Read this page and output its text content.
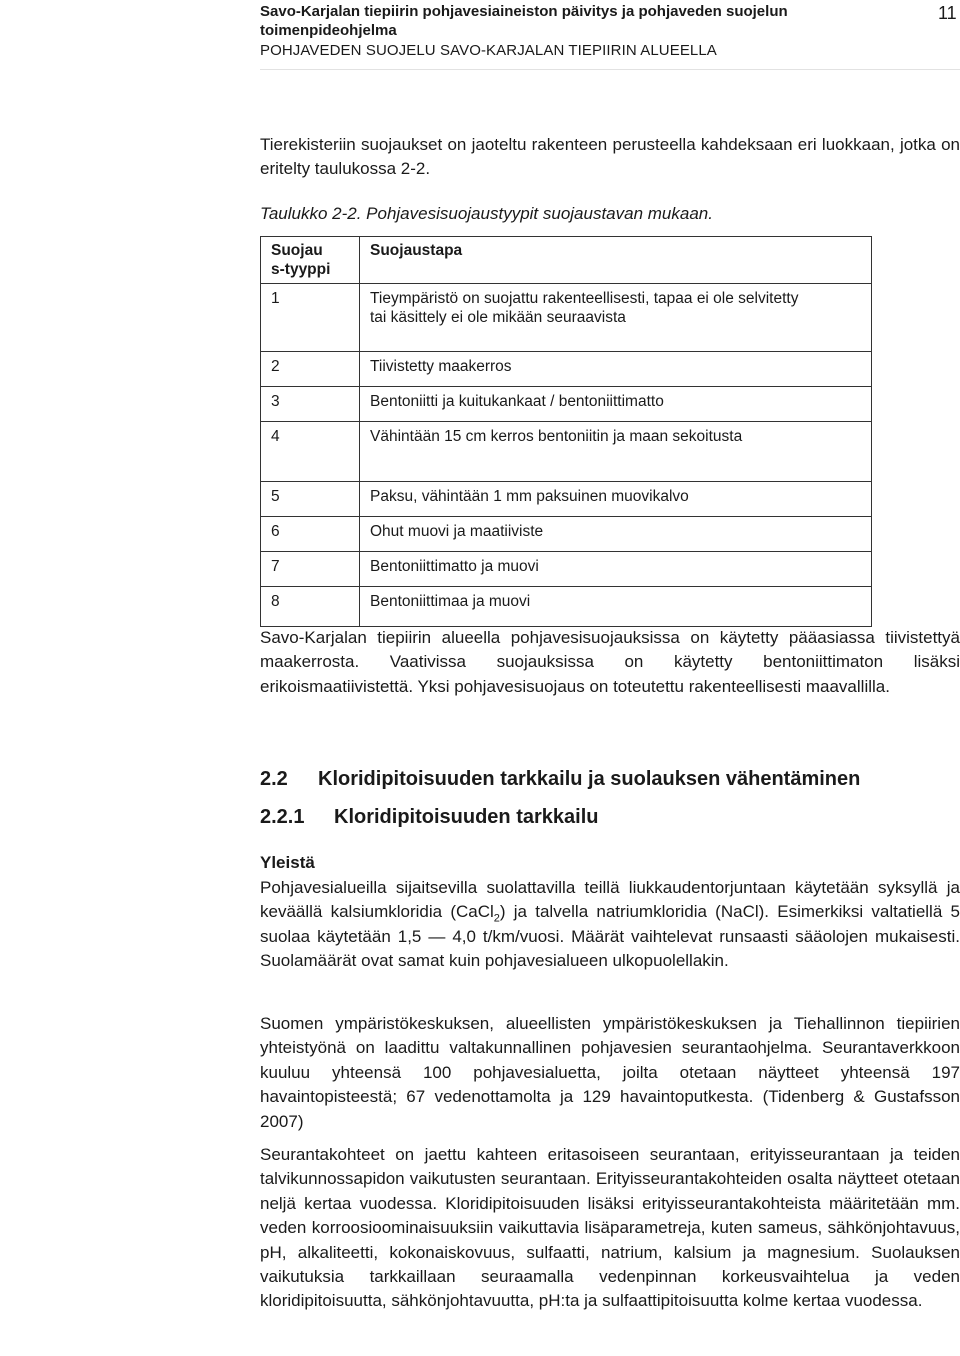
Savo-Karjalan tiepiirin pohjavesiaineiston päivitys ja pohjaveden suojelun
toimenpideohjelma
POHJAVEDEN SUOJELU SAVO-KARJALAN TIEPIIRIN ALUEELLA
11

Tierekisteriin suojaukset on jaoteltu rakenteen perusteella kahdeksaan eri luokkaan, jotka on eritelty taulukossa 2-2.

Taulukko 2-2. Pohjavesisuojaustyypit suojaustavan mukaan.
Suojaus-tyyppi	Suojaustapa
1	Tieympäristö on suojattu rakenteellisesti, tapaa ei ole selvitetty tai käsittely ei ole mikään seuraavista
2	Tiivistetty maakerros
3	Bentoniitti ja kuitukankaat / bentoniittimatto
4	Vähintään 15 cm kerros bentoniitin ja maan sekoitusta
5	Paksu, vähintään 1 mm paksuinen muovikalvo
6	Ohut muovi ja maatiiviste
7	Bentoniittimatto ja muovi
8	Bentoniittimaa ja muovi

Savo-Karjalan tiepiirin alueella pohjavesisuojauksissa on käytetty pääasiassa tiivistettyä maakerrosta. Vaativissa suojauksissa on käytetty bentoniittimaton lisäksi erikoismaatiivistettä. Yksi pohjavesisuojaus on toteutettu rakenteellisesti maavallilla.

2.2 Kloridipitoisuuden tarkkailu ja suolauksen vähentäminen
2.2.1 Kloridipitoisuuden tarkkailu
Yleistä

Pohjavesialueilla sijaitsevilla suolattavilla teillä liukkaudentorjuntaan käytetään syksyllä ja keväällä kalsiumkloridia (CaCl$_2$) ja talvella natriumkloridia (NaCl). Esimerkiksi valtatiellä 5 suolaa käytetään 1,5 — 4,0 t/km/vuosi. Määrät vaihtelevat runsaasti sääolojen mukaisesti. Suolamäärät ovat samat kuin pohjavesialueen ulkopuolellakin.

Suomen ympäristökeskuksen, alueellisten ympäristökeskuksen ja Tiehallinnon tiepiirien yhteistyönä on laadittu valtakunnallinen pohjavesien seurantaohjelma. Seurantaverkkoon kuuluu yhteensä 100 pohjavesialuetta, joilta otetaan näytteet yhteensä 197 havaintopisteestä; 67 vedenottamolta ja 129 havaintoputkesta. (Tidenberg & Gustafsson 2007)

Seurantakohteet on jaettu kahteen eritasoiseen seurantaan, erityisseurantaan ja teiden talvikunnossapidon vaikutusten seurantaan. Erityisseurantakohteiden osalta näytteet otetaan neljä kertaa vuodessa. Kloridipitoisuuden lisäksi erityisseurantakohteista määritetään mm. veden korroosioominaisuuksiin vaikuttavia lisäparametreja, kuten sameus, sähkönjohtavuus, pH, alkaliteetti, kokonaiskovuus, sulfaatti, natrium, kalsium ja magnesium. Suolauksen vaikutuksia tarkkaillaan seuraamalla vedenpinnan korkeusvaihtelua ja veden kloridipitoisuutta, sähkönjohtavuutta, pH:ta ja sulfaattipitoisuutta kolme kertaa vuodessa.
